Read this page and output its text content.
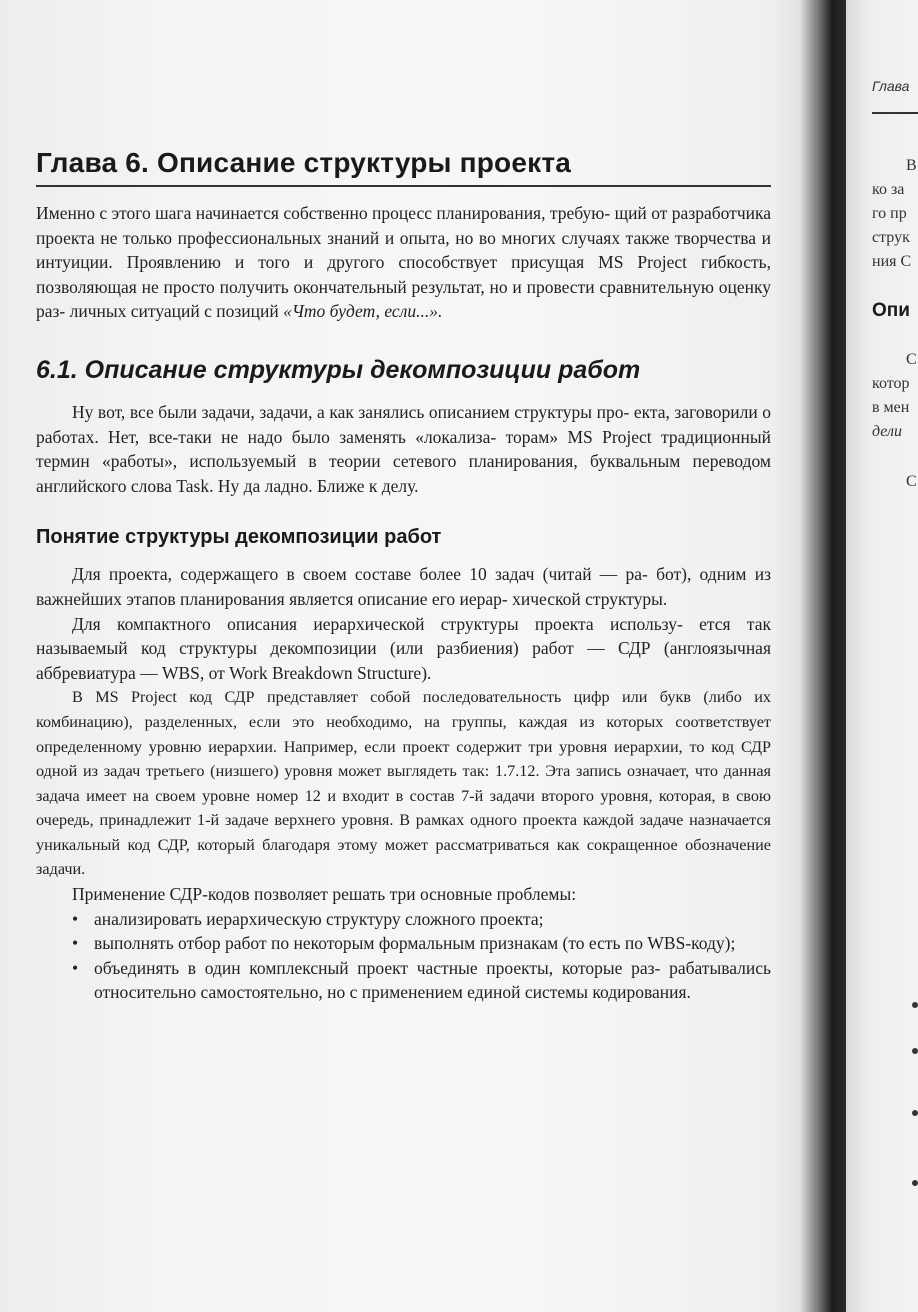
Глава 6. Описание структуры проекта

Именно с этого шага начинается собственно процесс планирования, требую- щий от разработчика проекта не только профессиональных знаний и опыта, но во многих случаях также творчества и интуиции. Проявлению и того и другого способствует присущая MS Project гибкость, позволяющая не просто получить окончательный результат, но и провести сравнительную оценку раз- личных ситуаций с позиций «Что будет, если...».

6.1. Описание структуры декомпозиции работ

Ну вот, все были задачи, задачи, а как занялись описанием структуры про- екта, заговорили о работах. Нет, все-таки не надо было заменять «локализа- торам» MS Project традиционный термин «работы», используемый в теории сетевого планирования, буквальным переводом английского слова Task. Ну да ладно. Ближе к делу.

Понятие структуры декомпозиции работ

Для проекта, содержащего в своем составе более 10 задач (читай — ра- бот), одним из важнейших этапов планирования является описание его иерар- хической структуры.

Для компактного описания иерархической структуры проекта использу- ется так называемый код структуры декомпозиции (или разбиения) работ — СДР (англоязычная аббревиатура — WBS, от Work Breakdown Structure).

В MS Project код СДР представляет собой последовательность цифр или букв (либо их комбинацию), разделенных, если это необходимо, на группы, каждая из которых соответствует определенному уровню иерархии. Например, если проект содержит три уровня иерархии, то код СДР одной из задач третьего (низшего) уровня может выглядеть так: 1.7.12. Эта запись означает, что данная задача имеет на своем уровне номер 12 и входит в состав 7-й задачи второго уровня, которая, в свою очередь, принадлежит 1-й задаче верхнего уровня. В рамках одного проекта каждой задаче назначается уникальный код СДР, который благодаря этому может рассматриваться как сокращенное обозначение задачи.

Применение СДР-кодов позволяет решать три основные проблемы:

• анализировать иерархическую структуру сложного проекта;
• выполнять отбор работ по некоторым формальным признакам (то есть по WBS-коду);
• объединять в один комплексный проект частные проекты, которые раз- рабатывались относительно самостоятельно, но с применением единой системы кодирования.
Глава
В
ко за
го пр
струк
ния С
Опи
С
котор
в мен
дели
С
